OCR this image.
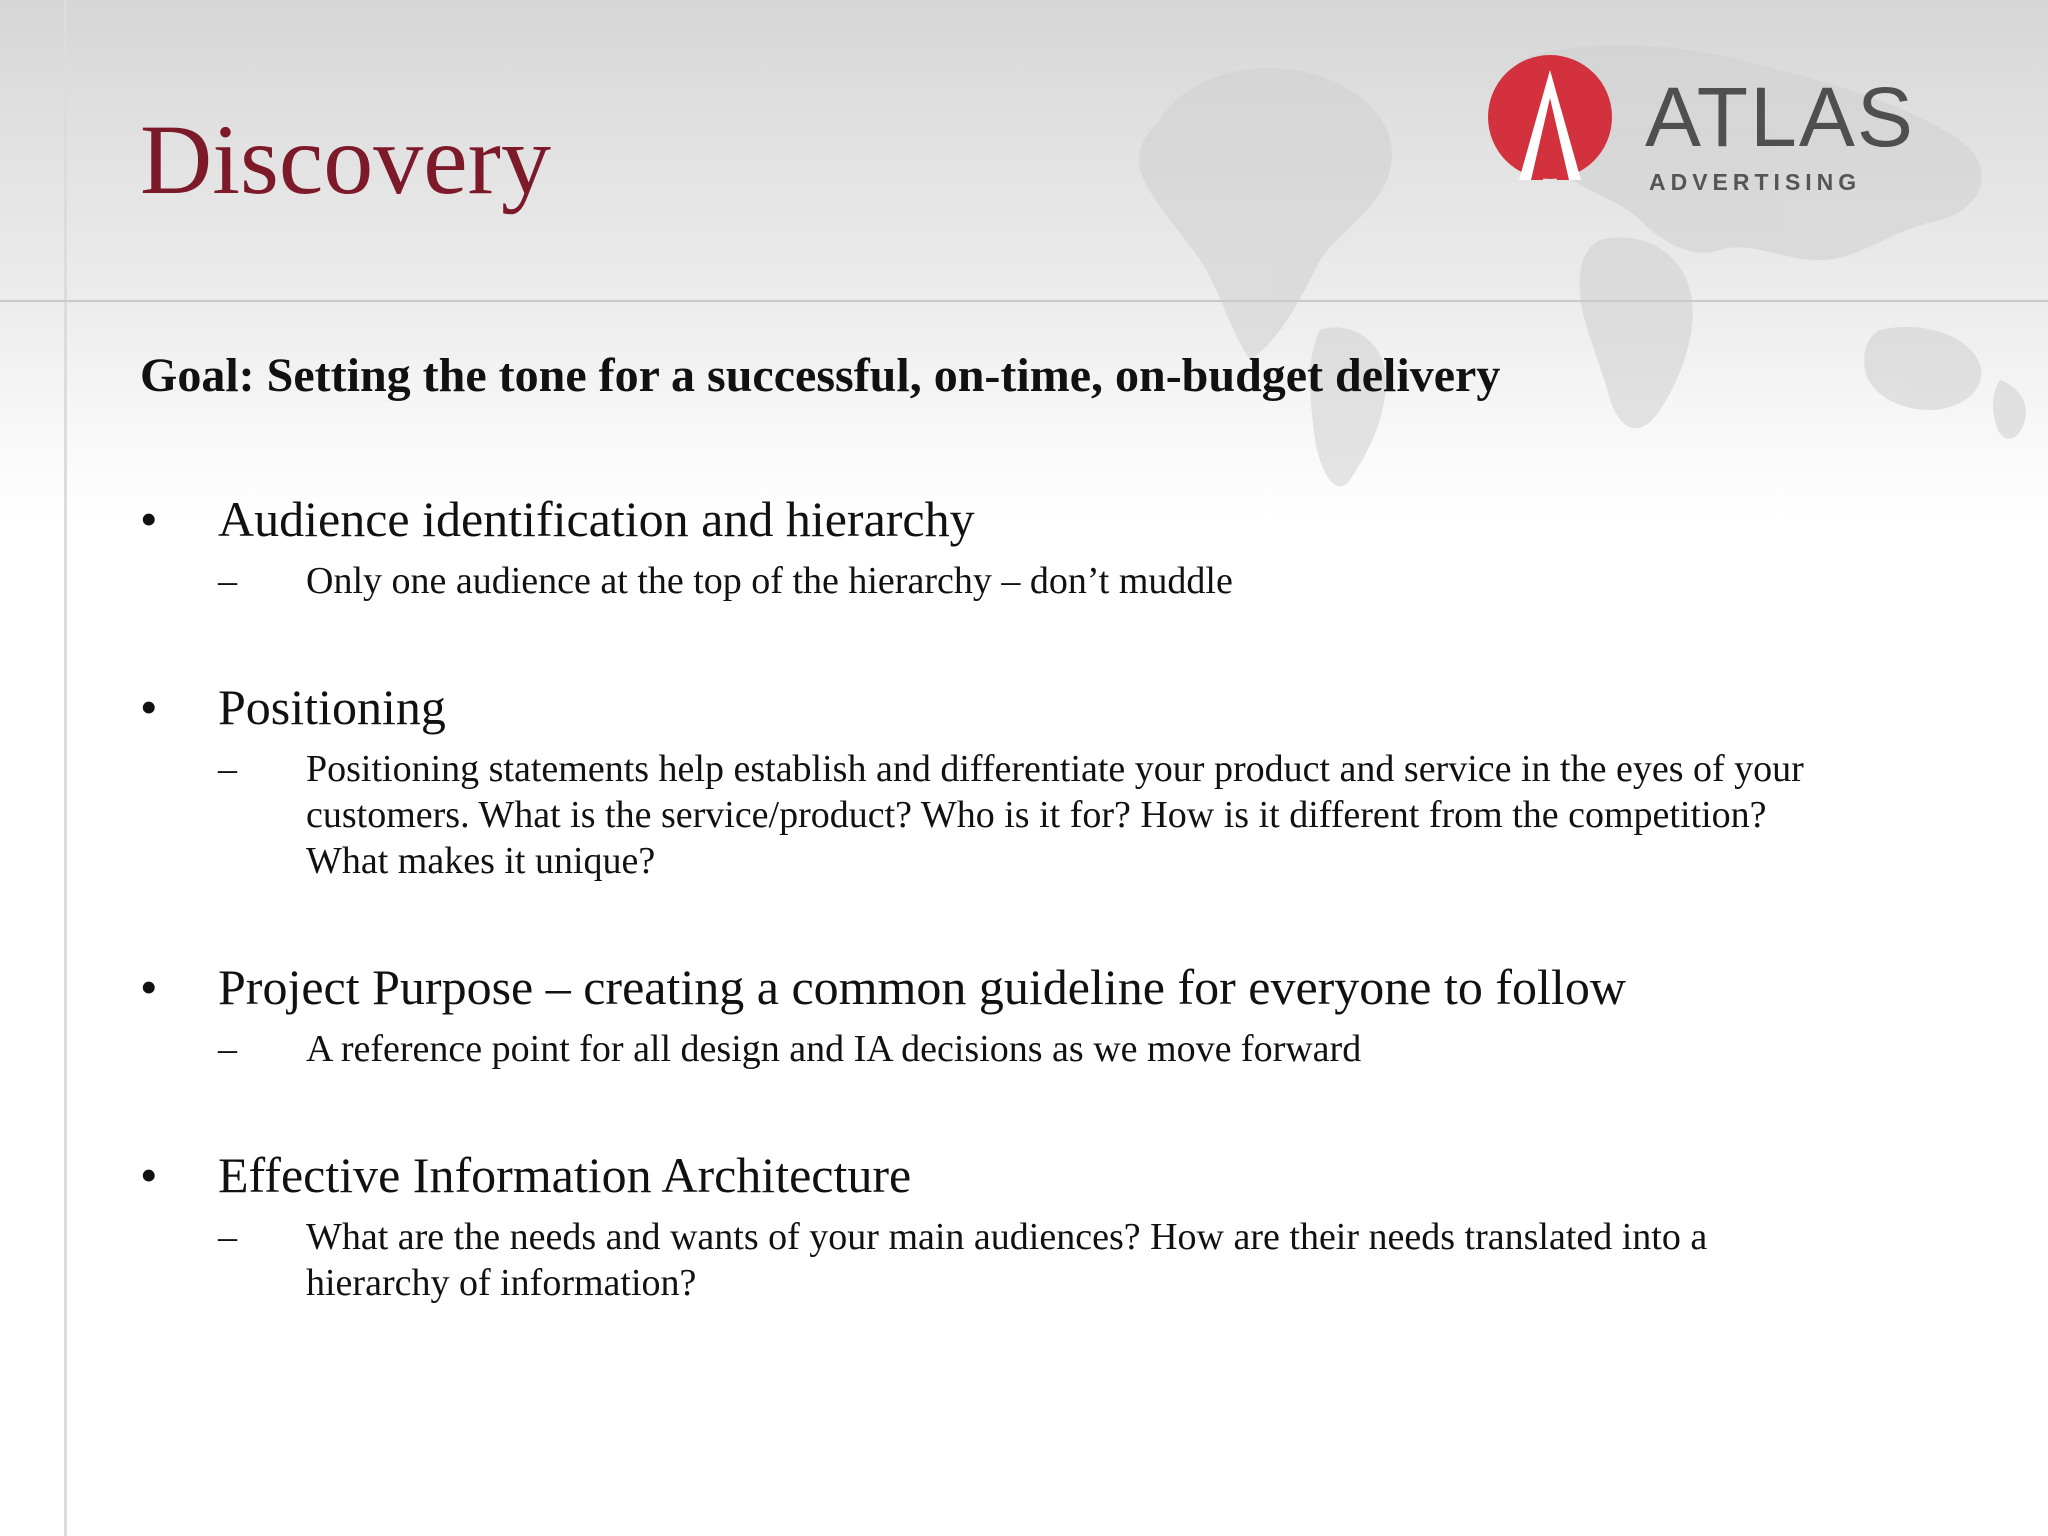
Discovery	ATLAS
ADVERTISING
Goal: Setting the tone for a successful, on-time, on-budget delivery
• Audience identification and hierarchy
– Only one audience at the top of the hierarchy – don’t muddle
• Positioning
– Positioning statements help establish and differentiate your product and service in the eyes of your customers. What is the service/product? Who is it for? How is it different from the competition? What makes it unique?
• Project Purpose – creating a common guideline for everyone to follow
– A reference point for all design and IA decisions as we move forward
• Effective Information Architecture
– What are the needs and wants of your main audiences? How are their needs translated into a hierarchy of information?
